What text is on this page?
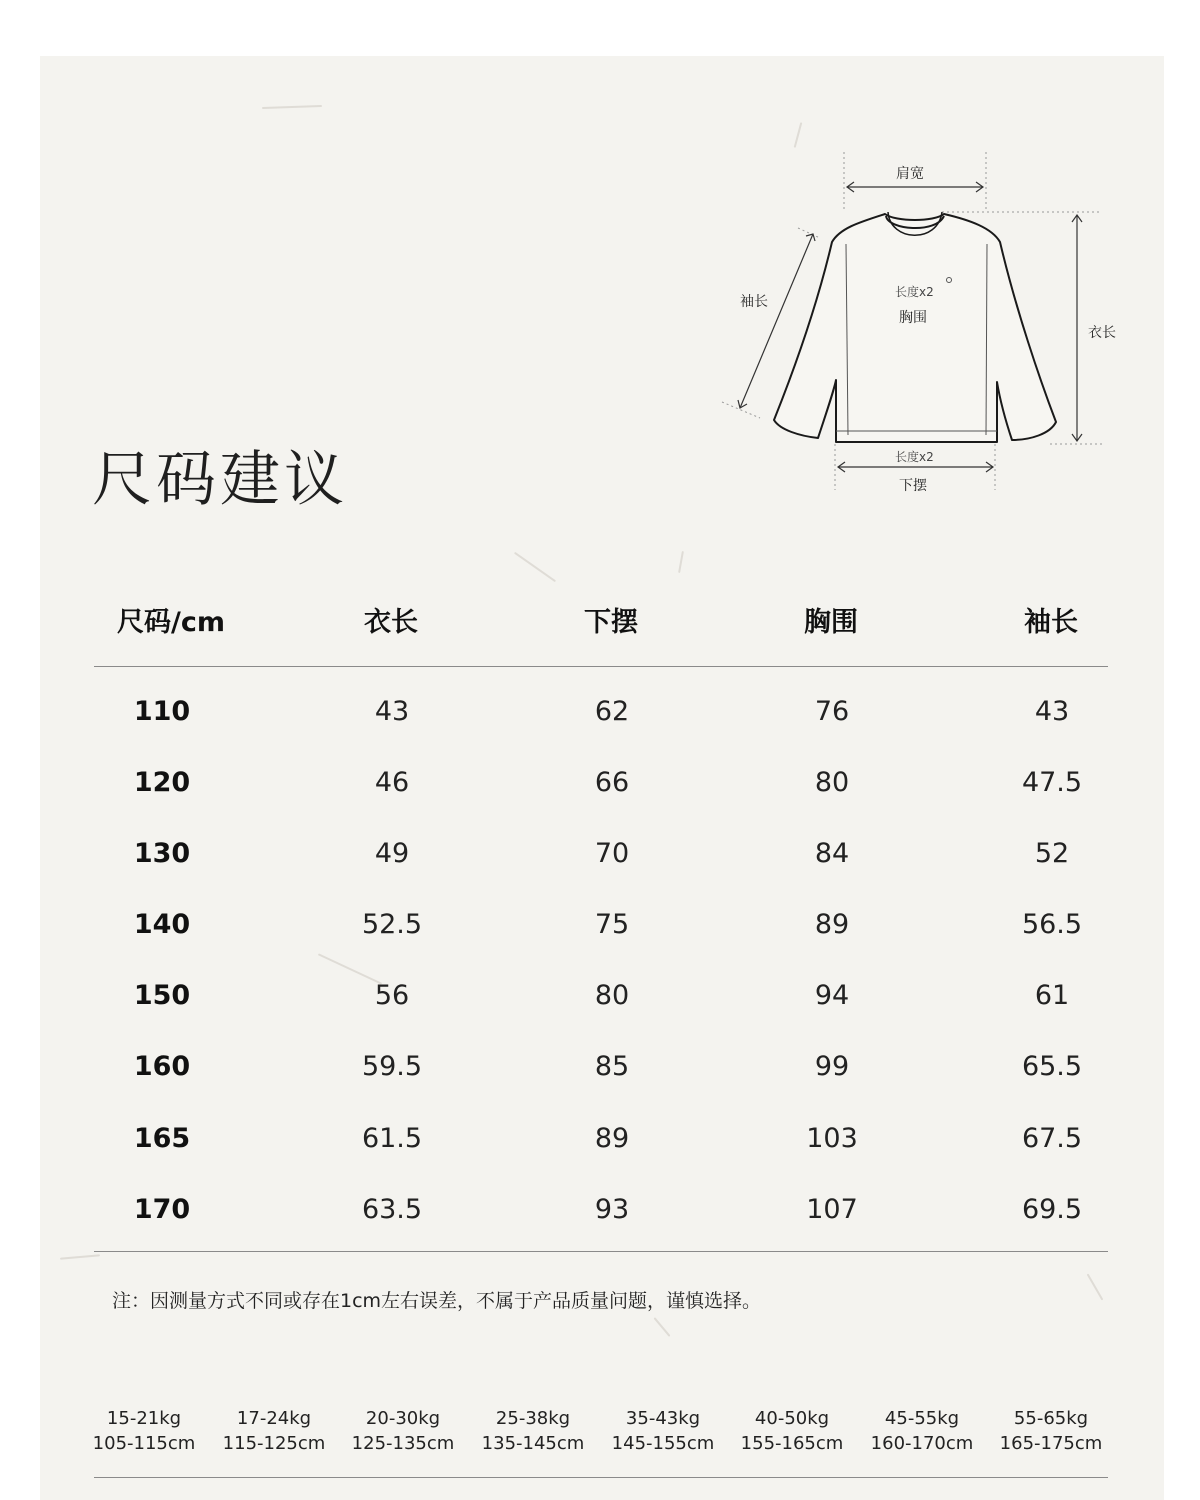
尺码建议
肩宽
袖长
衣长
长度x2
胸围
长度x2
下摆
尺码/cm	衣长	下摆	胸围	袖长
110	43	62	76	43
120	46	66	80	47.5
130	49	70	84	52
140	52.5	75	89	56.5
150	56	80	94	61
160	59.5	85	99	65.5
165	61.5	89	103	67.5
170	63.5	93	107	69.5
注：因测量方式不同或存在1cm左右误差，不属于产品质量问题，谨慎选择。
15-21kg
105-115cm
17-24kg
115-125cm
20-30kg
125-135cm
25-38kg
135-145cm
35-43kg
145-155cm
40-50kg
155-165cm
45-55kg
160-170cm
55-65kg
165-175cm
